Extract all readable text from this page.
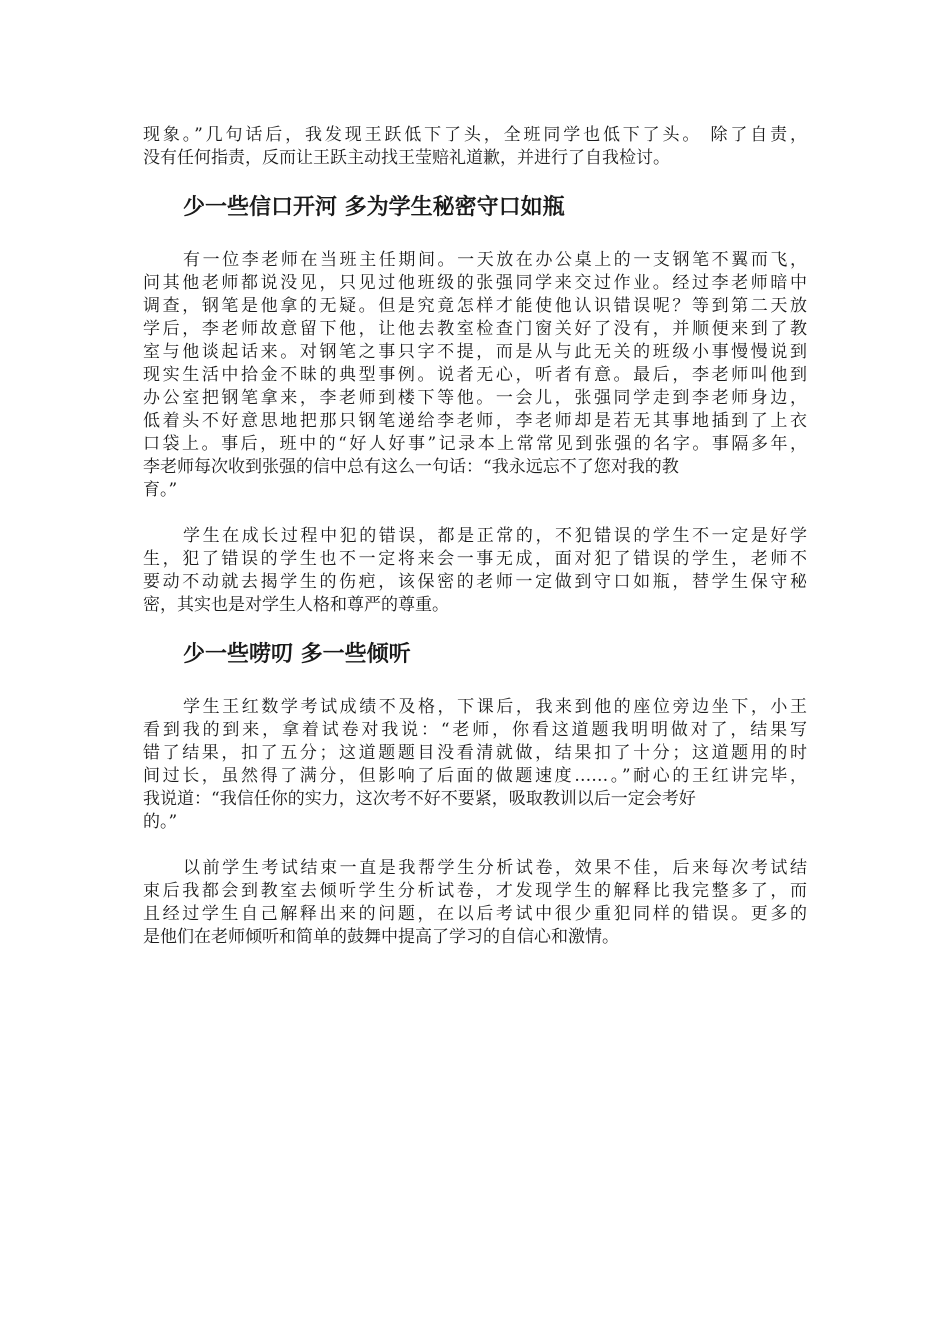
现象。”几句话后，我发现王跃低下了头，全班同学也低下了头。 除了自责，
没有任何指责，反而让王跃主动找王莹赔礼道歉，并进行了自我检讨。
少一些信口开河 多为学生秘密守口如瓶
有一位李老师在当班主任期间。一天放在办公桌上的一支钢笔不翼而飞，
问其他老师都说没见，只见过他班级的张强同学来交过作业。经过李老师暗中
调查，钢笔是他拿的无疑。但是究竟怎样才能使他认识错误呢？等到第二天放
学后，李老师故意留下他，让他去教室检查门窗关好了没有，并顺便来到了教
室与他谈起话来。对钢笔之事只字不提，而是从与此无关的班级小事慢慢说到
现实生活中拾金不昧的典型事例。说者无心，听者有意。最后，李老师叫他到
办公室把钢笔拿来，李老师到楼下等他。一会儿，张强同学走到李老师身边，
低着头不好意思地把那只钢笔递给李老师，李老师却是若无其事地插到了上衣
口袋上。事后，班中的“好人好事”记录本上常常见到张强的名字。事隔多年，
李老师每次收到张强的信中总有这么一句话：“我永远忘不了您对我的教
育。”
学生在成长过程中犯的错误，都是正常的，不犯错误的学生不一定是好学
生，犯了错误的学生也不一定将来会一事无成，面对犯了错误的学生，老师不
要动不动就去揭学生的伤疤，该保密的老师一定做到守口如瓶，替学生保守秘
密，其实也是对学生人格和尊严的尊重。
少一些唠叨 多一些倾听
学生王红数学考试成绩不及格，下课后，我来到他的座位旁边坐下，小王
看到我的到来，拿着试卷对我说：“老师，你看这道题我明明做对了，结果写
错了结果，扣了五分；这道题题目没看清就做，结果扣了十分；这道题用的时
间过长，虽然得了满分，但影响了后面的做题速度……。”耐心的王红讲完毕，
我说道：“我信任你的实力，这次考不好不要紧，吸取教训以后一定会考好
的。”
以前学生考试结束一直是我帮学生分析试卷，效果不佳，后来每次考试结
束后我都会到教室去倾听学生分析试卷，才发现学生的解释比我完整多了，而
且经过学生自己解释出来的问题，在以后考试中很少重犯同样的错误。更多的
是他们在老师倾听和简单的鼓舞中提高了学习的自信心和激情。
